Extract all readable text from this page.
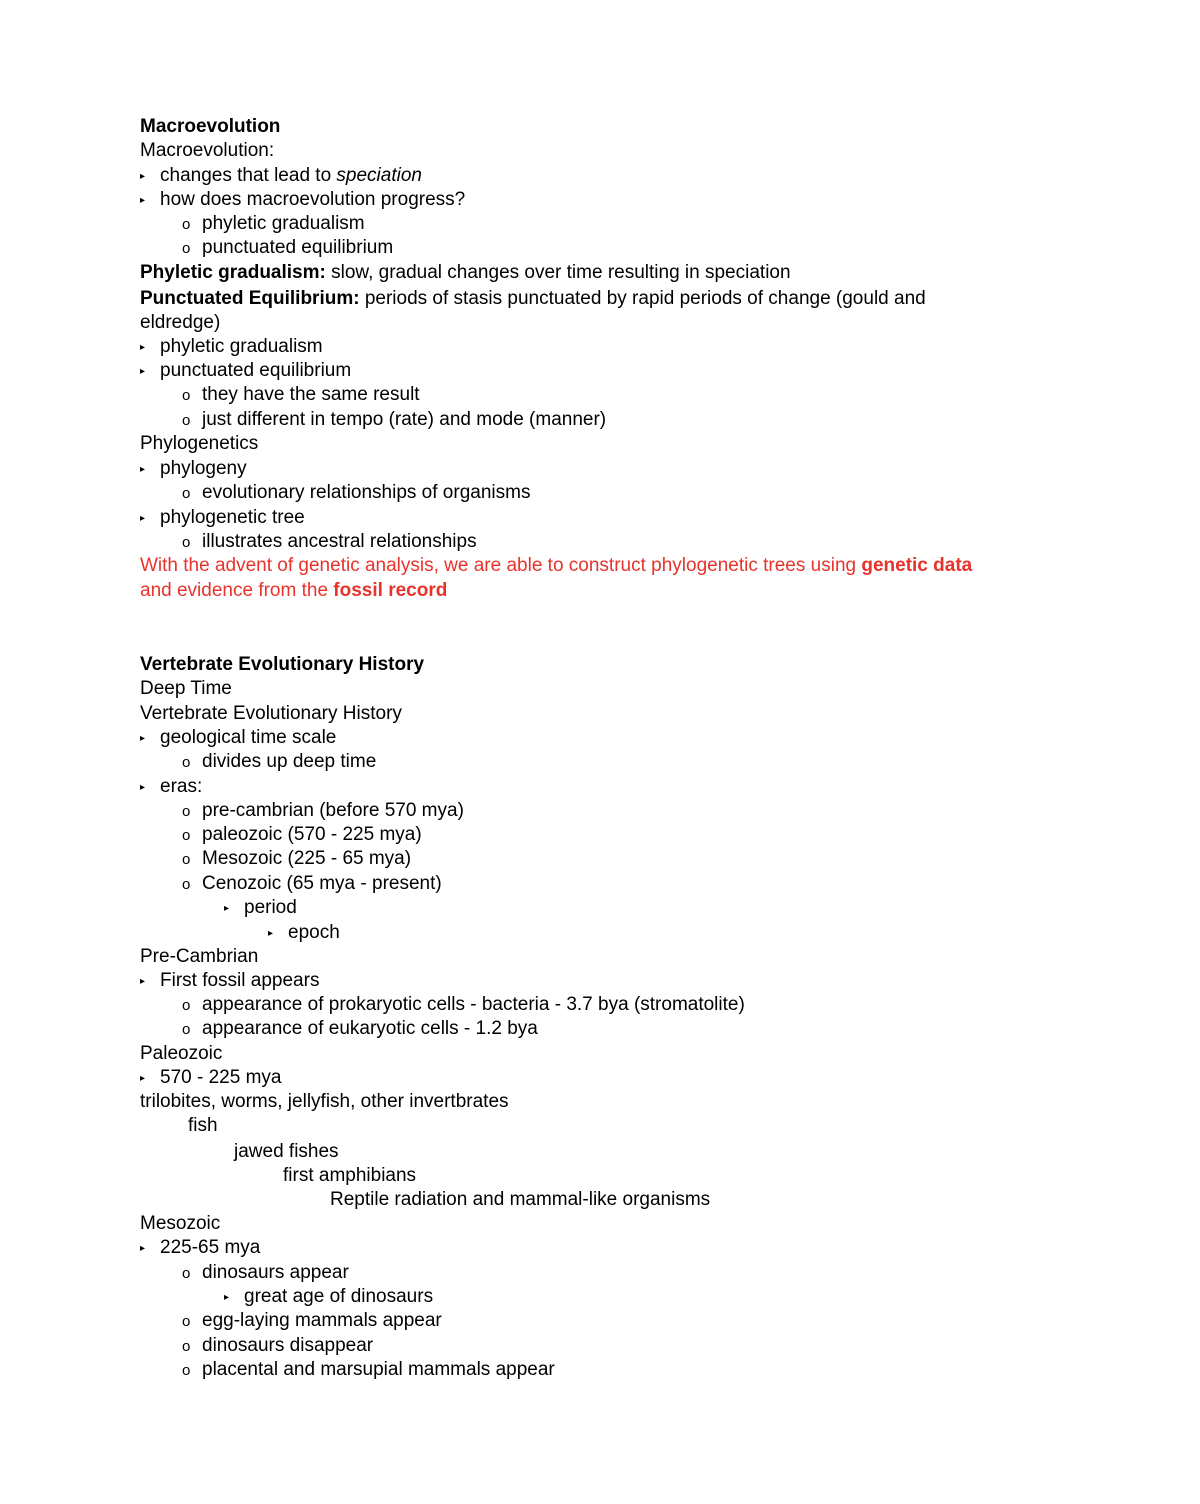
Macroevolution
Macroevolution:
▸ changes that lead to speciation
▸ how does macroevolution progress?
o phyletic gradualism
o punctuated equilibrium
Phyletic gradualism: slow, gradual changes over time resulting in speciation
Punctuated Equilibrium: periods of stasis punctuated by rapid periods of change (gould and
eldredge)
▸ phyletic gradualism
▸ punctuated equilibrium
o they have the same result
o just different in tempo (rate) and mode (manner)
Phylogenetics
▸ phylogeny
o evolutionary relationships of organisms
▸ phylogenetic tree
o illustrates ancestral relationships
With the advent of genetic analysis, we are able to construct phylogenetic trees using genetic data
and evidence from the fossil record
Vertebrate Evolutionary History
Deep Time
Vertebrate Evolutionary History
▸ geological time scale
o divides up deep time
▸ eras:
o pre-cambrian (before 570 mya)
o paleozoic (570 - 225 mya)
o Mesozoic (225 - 65 mya)
o Cenozoic (65 mya - present)
▸ period
▸ epoch
Pre-Cambrian
▸ First fossil appears
o appearance of prokaryotic cells - bacteria - 3.7 bya (stromatolite)
o appearance of eukaryotic cells - 1.2 bya
Paleozoic
▸ 570 - 225 mya
trilobites, worms, jellyfish, other invertbrates
fish
jawed fishes
first amphibians
Reptile radiation and mammal-like organisms
Mesozoic
▸ 225-65 mya
o dinosaurs appear
▸ great age of dinosaurs
o egg-laying mammals appear
o dinosaurs disappear
o placental and marsupial mammals appear
